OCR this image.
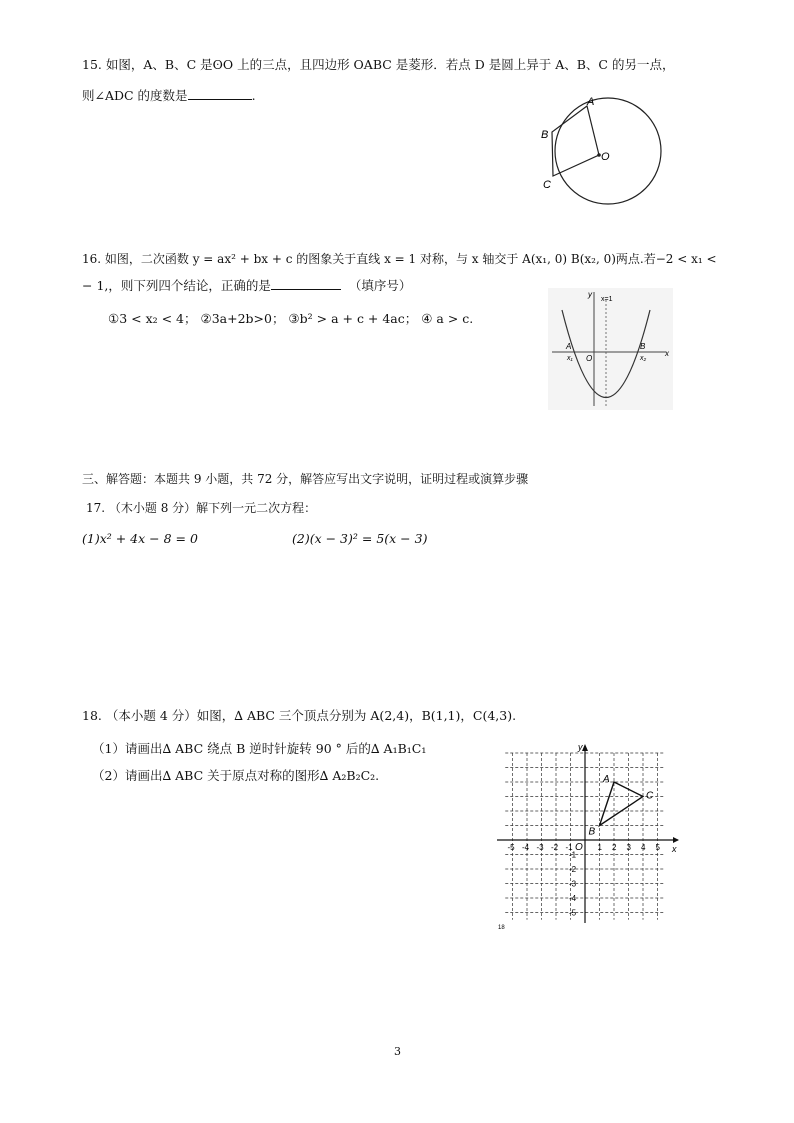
15. 如图，A、B、C 是ʘO 上的三点，且四边形 OABC 是菱形．若点 D 是圆上异于 A、B、C 的另一点，
则∠ADC 的度数是	.	A
B
C
O
16. 如图，二次函数 y = ax² + bx + c 的图象关于直线 x = 1 对称，与 x 轴交于 A(x₁, 0) B(x₂, 0)两点.若−2 < x₁ <
− 1,，则下列四个结论，正确的是	（填序号）
①3 < x₂ < 4； ②3a+2b>0； ③b² > a + c + 4ac； ④ a > c.
y
x
x=1
O
A	B
x₁	x₂
三、解答题：本题共 9 小题，共 72 分，解答应写出文字说明，证明过程或演算步骤
17. （木小题 8 分）解下列一元二次方程：
(1)x² + 4x − 8 = 0	(2)(x − 3)² = 5(x − 3)
18. （本小题 4 分）如图，∆ ABC 三个顶点分别为 A(2,4)，B(1,1)，C(4,3).
（1）请画出∆ ABC 绕点 B 逆时针旋转 90 ° 后的∆ A₁B₁C₁
（2）请画出∆ ABC 关于原点对称的图形∆ A₂B₂C₂.
-5 -4 -3 -2 -1	1 2 3 4 5
-1
-2
-3
-4
-5
A
B
C
O	x
y
18
3
